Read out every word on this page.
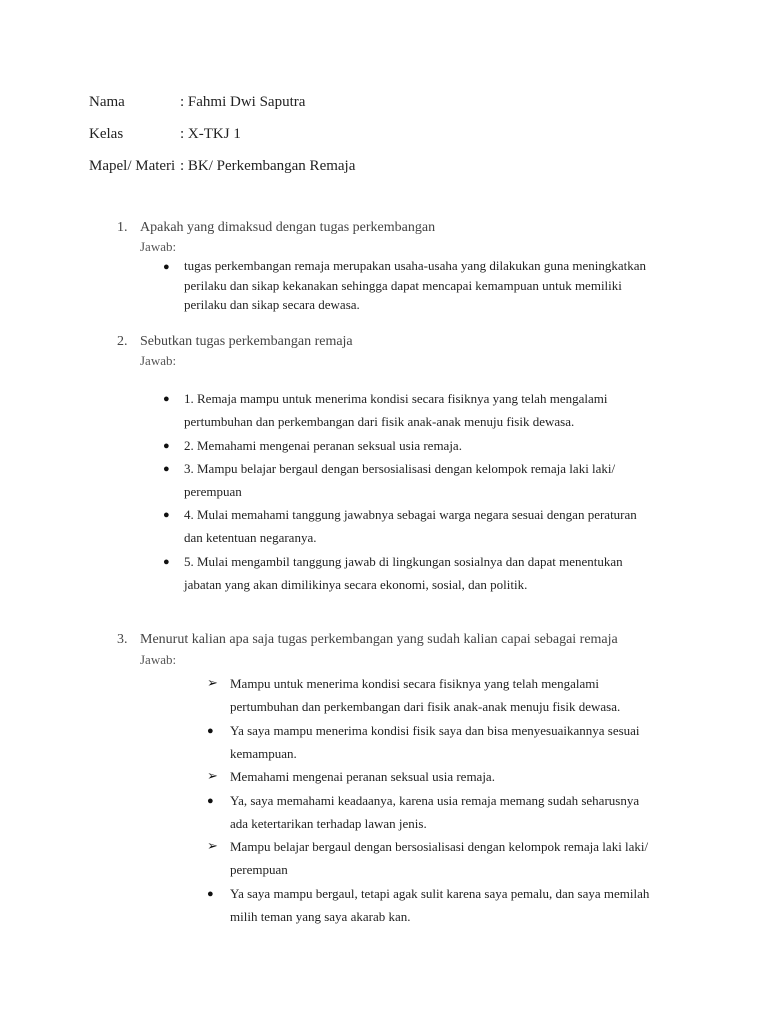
Nama	: Fahmi Dwi Saputra
Kelas	: X-TKJ 1
Mapel/ Materi : BK/ Perkembangan Remaja
1. Apakah yang dimaksud dengan tugas perkembangan
Jawab:
● tugas perkembangan remaja merupakan usaha-usaha yang dilakukan guna meningkatkan
perilaku dan sikap kekanakan sehingga dapat mencapai kemampuan untuk memiliki
perilaku dan sikap secara dewasa.
2. Sebutkan tugas perkembangan remaja
Jawab:
● 1. Remaja mampu untuk menerima kondisi secara fisiknya yang telah mengalami
pertumbuhan dan perkembangan dari fisik anak-anak menuju fisik dewasa.
● 2. Memahami mengenai peranan seksual usia remaja.
● 3. Mampu belajar bergaul dengan bersosialisasi dengan kelompok remaja laki laki/
perempuan
● 4. Mulai memahami tanggung jawabnya sebagai warga negara sesuai dengan peraturan
dan ketentuan negaranya.
● 5. Mulai mengambil tanggung jawab di lingkungan sosialnya dan dapat menentukan
jabatan yang akan dimilikinya secara ekonomi, sosial, dan politik.
3. Menurut kalian apa saja tugas perkembangan yang sudah kalian capai sebagai remaja
Jawab:
➢ Mampu untuk menerima kondisi secara fisiknya yang telah mengalami
pertumbuhan dan perkembangan dari fisik anak-anak menuju fisik dewasa.
● Ya saya mampu menerima kondisi fisik saya dan bisa menyesuaikannya sesuai
kemampuan.
➢ Memahami mengenai peranan seksual usia remaja.
● Ya, saya memahami keadaanya, karena usia remaja memang sudah seharusnya
ada ketertarikan terhadap lawan jenis.
➢ Mampu belajar bergaul dengan bersosialisasi dengan kelompok remaja laki laki/
perempuan
● Ya saya mampu bergaul, tetapi agak sulit karena saya pemalu, dan saya memilah
milih teman yang saya akarab kan.
